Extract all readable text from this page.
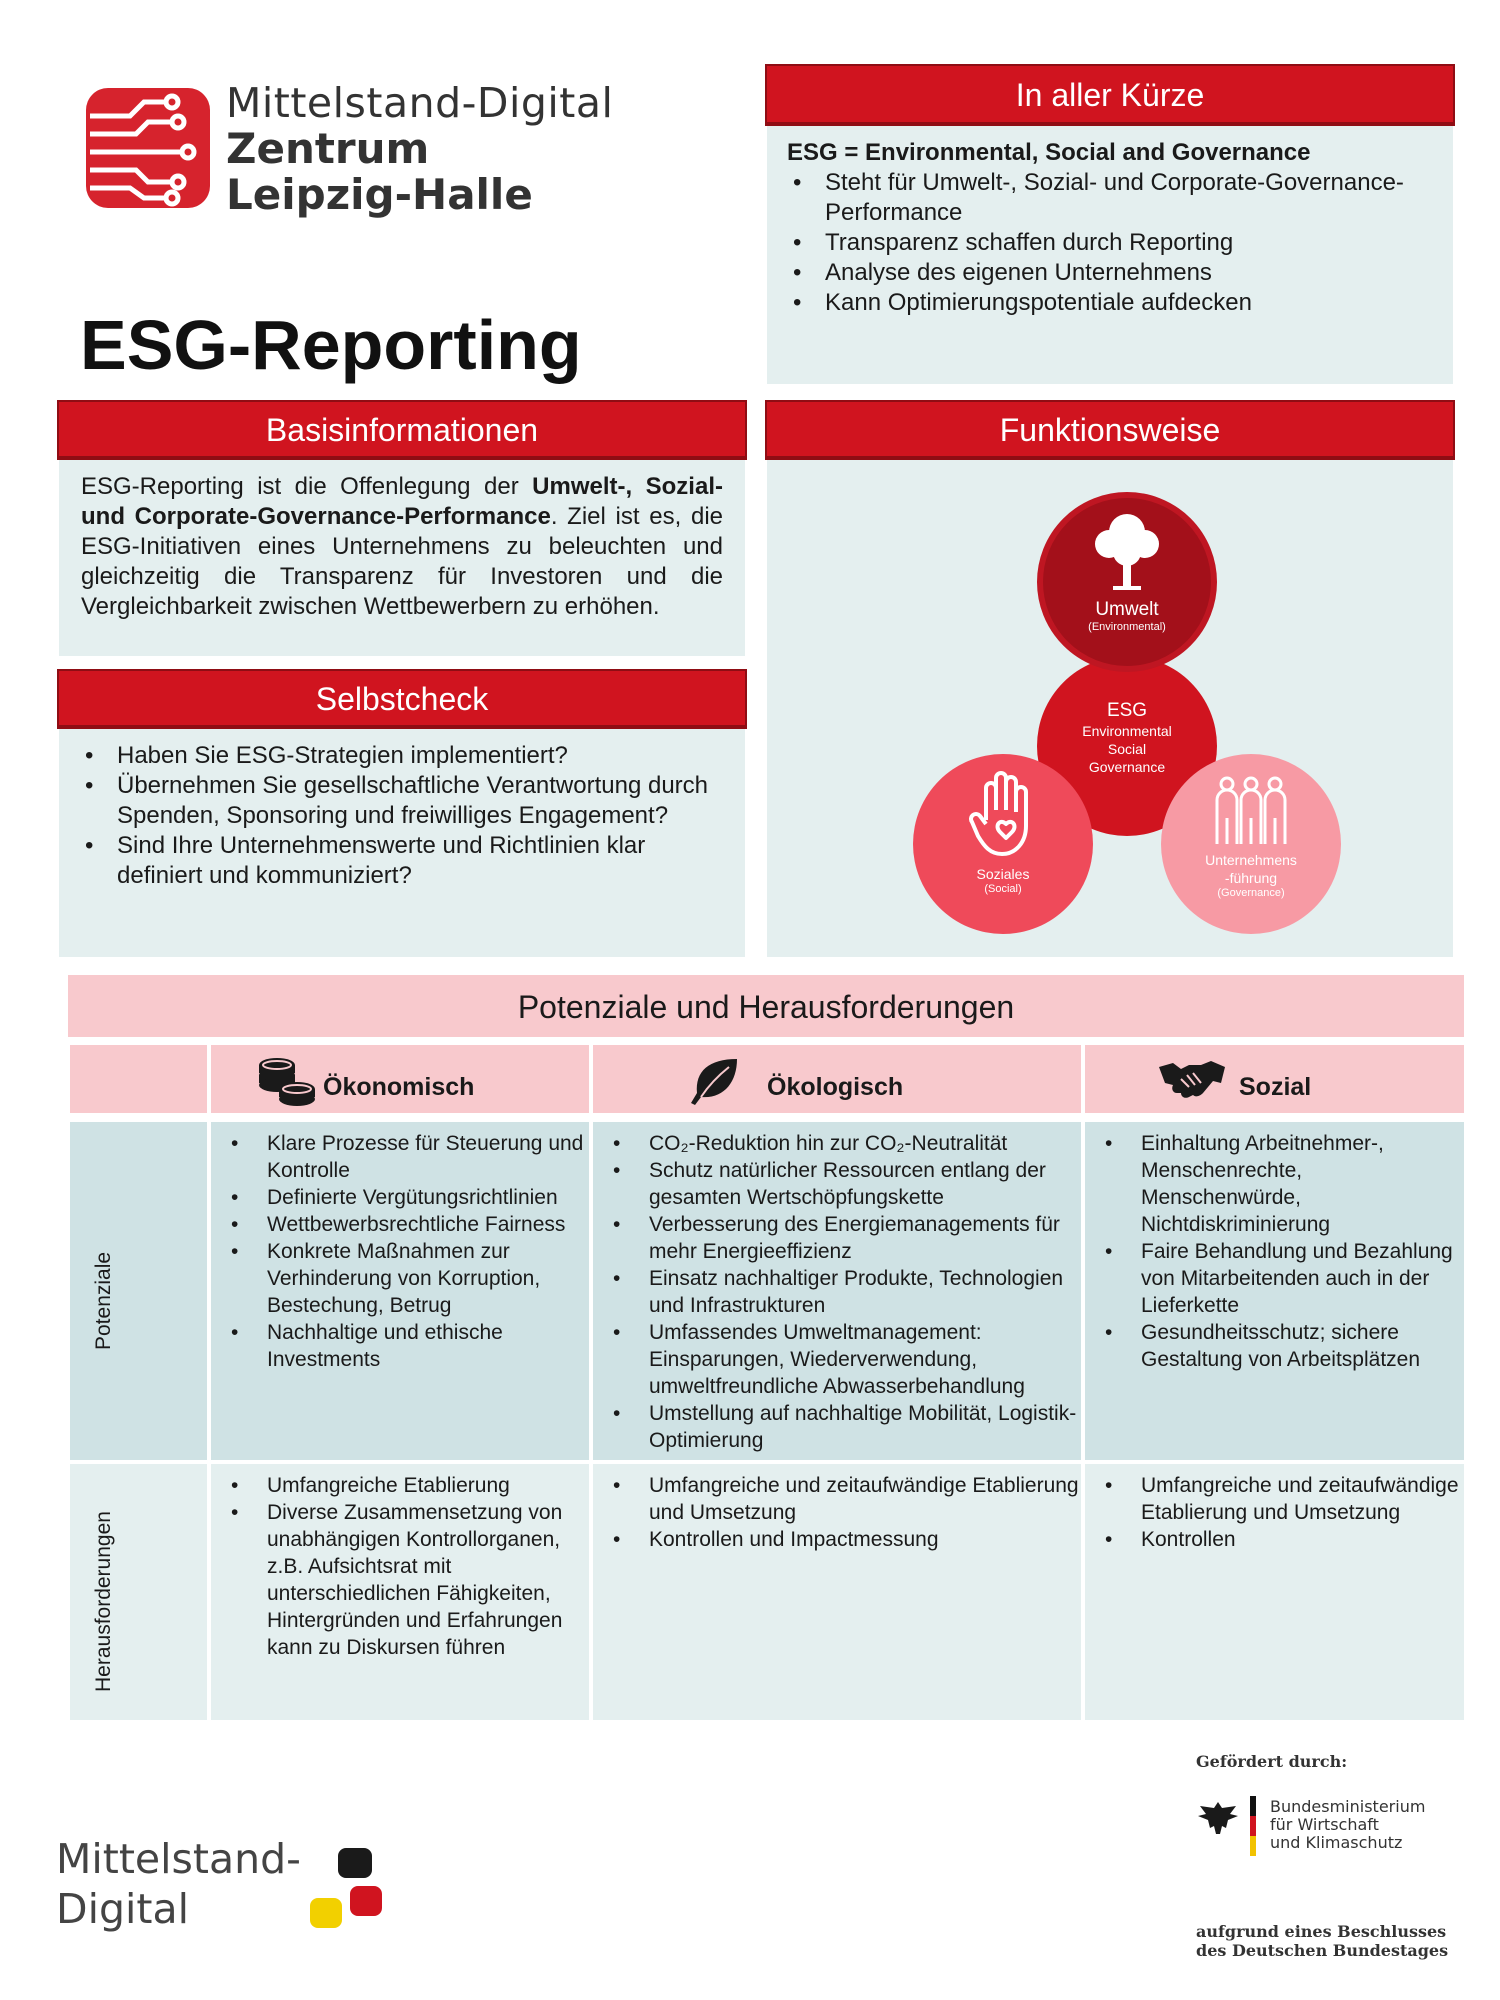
Mittelstand-Digital
Zentrum
Leipzig-Halle
ESG-Reporting
In aller Kürze
ESG = Environmental, Social and Governance
• Steht für Umwelt-, Sozial- und Corporate-Governance-Performance
• Transparenz schaffen durch Reporting
• Analyse des eigenen Unternehmens
• Kann Optimierungspotentiale aufdecken
Basisinformationen
ESG-Reporting ist die Offenlegung der Umwelt-, Sozial- und Corporate-Governance-Performance. Ziel ist es, die ESG-Initiativen eines Unternehmens zu beleuchten und gleichzeitig die Transparenz für Investoren und die Vergleichbarkeit zwischen Wettbewerbern zu erhöhen.
Selbstcheck
• Haben Sie ESG-Strategien implementiert?
• Übernehmen Sie gesellschaftliche Verantwortung durch Spenden, Sponsoring und freiwilliges Engagement?
• Sind Ihre Unternehmenswerte und Richtlinien klar definiert und kommuniziert?
Funktionsweise
ESG
Environmental
Social
Governance
Umwelt
(Environmental)
Soziales
(Social)
Unternehmens
-führung
(Governance)
Potenziale und Herausforderungen
Ökonomisch	Ökologisch	Sozial
Potenziale
• Klare Prozesse für Steuerung und Kontrolle
• Definierte Vergütungsrichtlinien
• Wettbewerbsrechtliche Fairness
• Konkrete Maßnahmen zur Verhinderung von Korruption, Bestechung, Betrug
• Nachhaltige und ethische Investments
• CO₂-Reduktion hin zur CO₂-Neutralität
• Schutz natürlicher Ressourcen entlang der gesamten Wertschöpfungskette
• Verbesserung des Energiemanagements für mehr Energieeffizienz
• Einsatz nachhaltiger Produkte, Technologien und Infrastrukturen
• Umfassendes Umweltmanagement: Einsparungen, Wiederverwendung, umweltfreundliche Abwasserbehandlung
• Umstellung auf nachhaltige Mobilität, Logistik-Optimierung
• Einhaltung Arbeitnehmer-, Menschenrechte, Menschenwürde, Nichtdiskriminierung
• Faire Behandlung und Bezahlung von Mitarbeitenden auch in der Lieferkette
• Gesundheitsschutz; sichere Gestaltung von Arbeitsplätzen
Herausforderungen
• Umfangreiche Etablierung
• Diverse Zusammensetzung von unabhängigen Kontrollorganen, z.B. Aufsichtsrat mit unterschiedlichen Fähigkeiten, Hintergründen und Erfahrungen kann zu Diskursen führen
• Umfangreiche und zeitaufwändige Etablierung und Umsetzung
• Kontrollen und Impactmessung
• Umfangreiche und zeitaufwändige Etablierung und Umsetzung
• Kontrollen
Gefördert durch:
Bundesministerium
für Wirtschaft
und Klimaschutz
aufgrund eines Beschlusses
des Deutschen Bundestages
Mittelstand-
Digital
